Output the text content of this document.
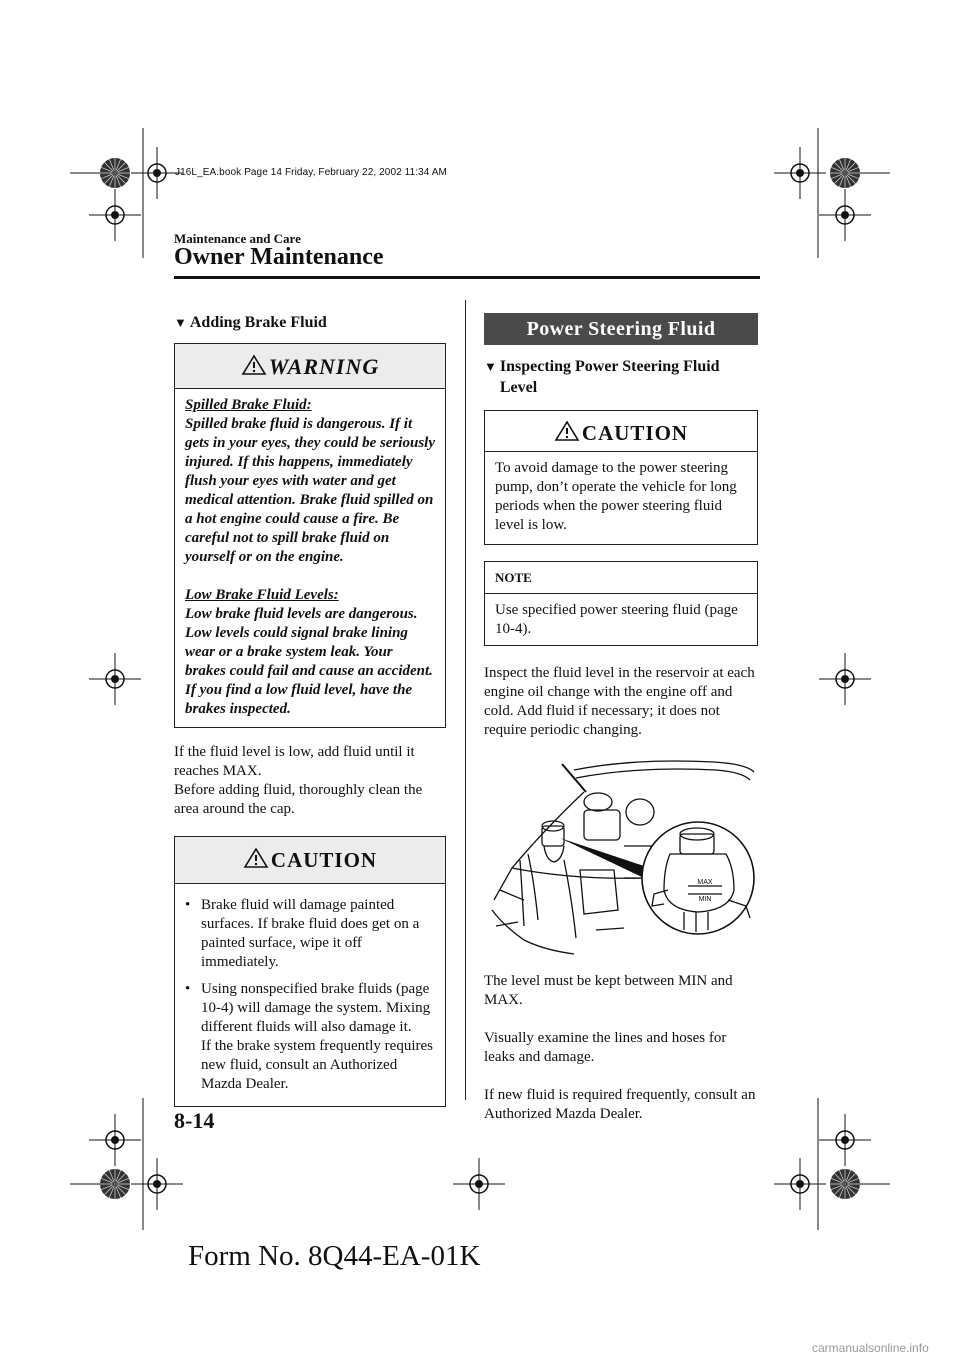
J16L_EA.book Page 14 Friday, February 22, 2002 11:34 AM
Maintenance and Care
Owner Maintenance
▼ Adding Brake Fluid
WARNING
Spilled Brake Fluid:
Spilled brake fluid is dangerous. If it gets in your eyes, they could be seriously injured. If this happens, immediately flush your eyes with water and get medical attention. Brake fluid spilled on a hot engine could cause a fire. Be careful not to spill brake fluid on yourself or on the engine.
Low Brake Fluid Levels:
Low brake fluid levels are dangerous. Low levels could signal brake lining wear or a brake system leak. Your brakes could fail and cause an accident. If you find a low fluid level, have the brakes inspected.

If the fluid level is low, add fluid until it reaches MAX.

Before adding fluid, thoroughly clean the area around the cap.

CAUTION
• Brake fluid will damage painted surfaces. If brake fluid does get on a painted surface, wipe it off immediately.
• Using nonspecified brake fluids (page 10-4) will damage the system. Mixing different fluids will also damage it.
If the brake system frequently requires new fluid, consult an Authorized Mazda Dealer.
Power Steering Fluid
▼ Inspecting Power Steering Fluid Level
CAUTION
To avoid damage to the power steering pump, don’t operate the vehicle for long periods when the power steering fluid level is low.
NOTE
Use specified power steering fluid (page 10-4).

Inspect the fluid level in the reservoir at each engine oil change with the engine off and cold. Add fluid if necessary; it does not require periodic changing.

MAX
MIN

The level must be kept between MIN and MAX.

Visually examine the lines and hoses for leaks and damage.

If new fluid is required frequently, consult an Authorized Mazda Dealer.

8-14
Form No. 8Q44-EA-01K
carmanualsonline.info
